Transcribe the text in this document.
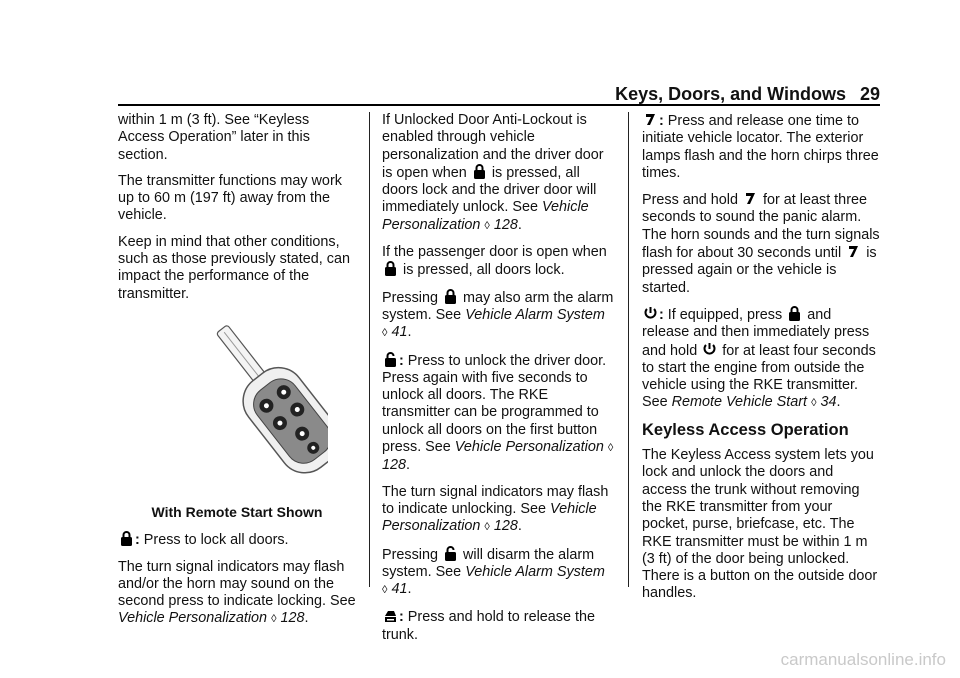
Keys, Doors, and Windows 29

within 1 m (3 ft). See “Keyless Access Operation” later in this section.

The transmitter functions may work up to 60 m (197 ft) away from the vehicle.

Keep in mind that other conditions, such as those previously stated, can impact the performance of the transmitter.

With Remote Start Shown

: Press to lock all doors.

The turn signal indicators may flash and/or the horn may sound on the second press to indicate locking. See Vehicle Personalization ◊ 128.

If Unlocked Door Anti-Lockout is enabled through vehicle personalization and the driver door is open when is pressed, all doors lock and the driver door will immediately unlock. See Vehicle Personalization ◊ 128.

If the passenger door is open when
is pressed, all doors lock.

Pressing may also arm the alarm system. See Vehicle Alarm System ◊ 41.

: Press to unlock the driver door. Press again with five seconds to unlock all doors. The RKE transmitter can be programmed to unlock all doors on the first button press. See Vehicle Personalization ◊ 128.

The turn signal indicators may flash to indicate unlocking. See Vehicle Personalization ◊ 128.

Pressing will disarm the alarm system. See Vehicle Alarm System ◊ 41.

: Press and hold to release the trunk.

: Press and release one time to initiate vehicle locator. The exterior lamps flash and the horn chirps three times.

Press and hold for at least three seconds to sound the panic alarm. The horn sounds and the turn signals flash for about 30 seconds until is pressed again or the vehicle is started.

: If equipped, press and release and then immediately press and hold for at least four seconds to start the engine from outside the vehicle using the RKE transmitter. See Remote Vehicle Start ◊ 34.

Keyless Access Operation

The Keyless Access system lets you lock and unlock the doors and access the trunk without removing the RKE transmitter from your pocket, purse, briefcase, etc. The RKE transmitter must be within 1 m (3 ft) of the door being unlocked. There is a button on the outside door handles.

carmanualsonline.info
